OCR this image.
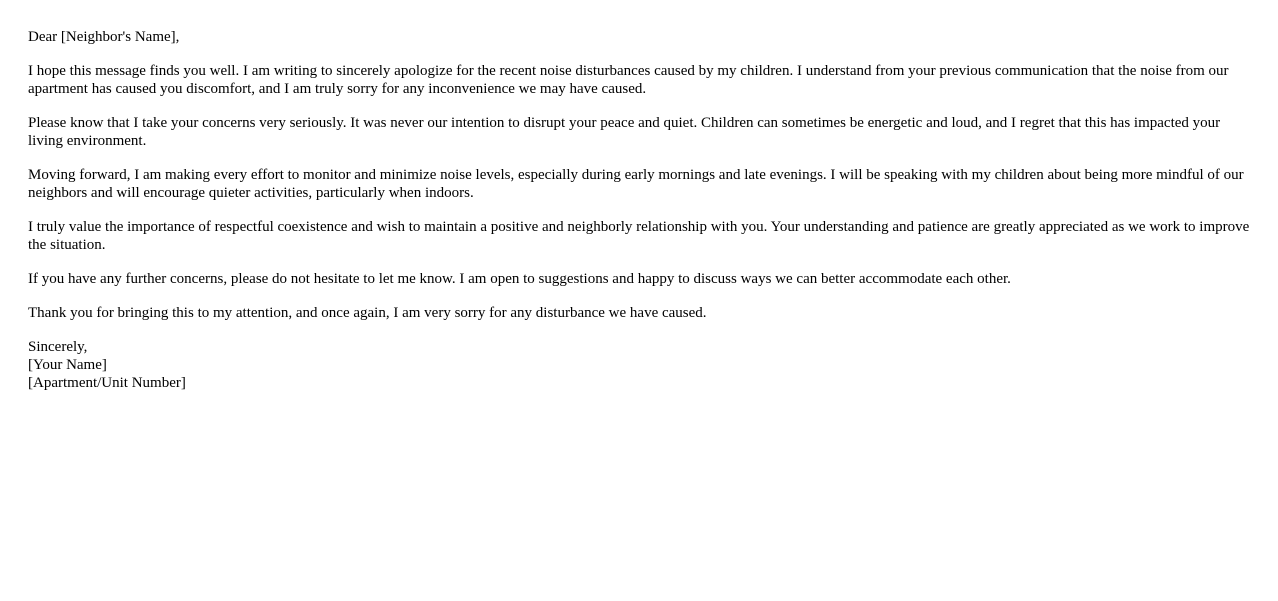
Dear [Neighbor's Name],

I hope this message finds you well. I am writing to sincerely apologize for the recent noise disturbances caused by my children. I understand from your previous communication that the noise from our apartment has caused you discomfort, and I am truly sorry for any inconvenience we may have caused.

Please know that I take your concerns very seriously. It was never our intention to disrupt your peace and quiet. Children can sometimes be energetic and loud, and I regret that this has impacted your living environment.

Moving forward, I am making every effort to monitor and minimize noise levels, especially during early mornings and late evenings. I will be speaking with my children about being more mindful of our neighbors and will encourage quieter activities, particularly when indoors.

I truly value the importance of respectful coexistence and wish to maintain a positive and neighborly relationship with you. Your understanding and patience are greatly appreciated as we work to improve the situation.

If you have any further concerns, please do not hesitate to let me know. I am open to suggestions and happy to discuss ways we can better accommodate each other.

Thank you for bringing this to my attention, and once again, I am very sorry for any disturbance we have caused.

Sincerely,
[Your Name]
[Apartment/Unit Number]
